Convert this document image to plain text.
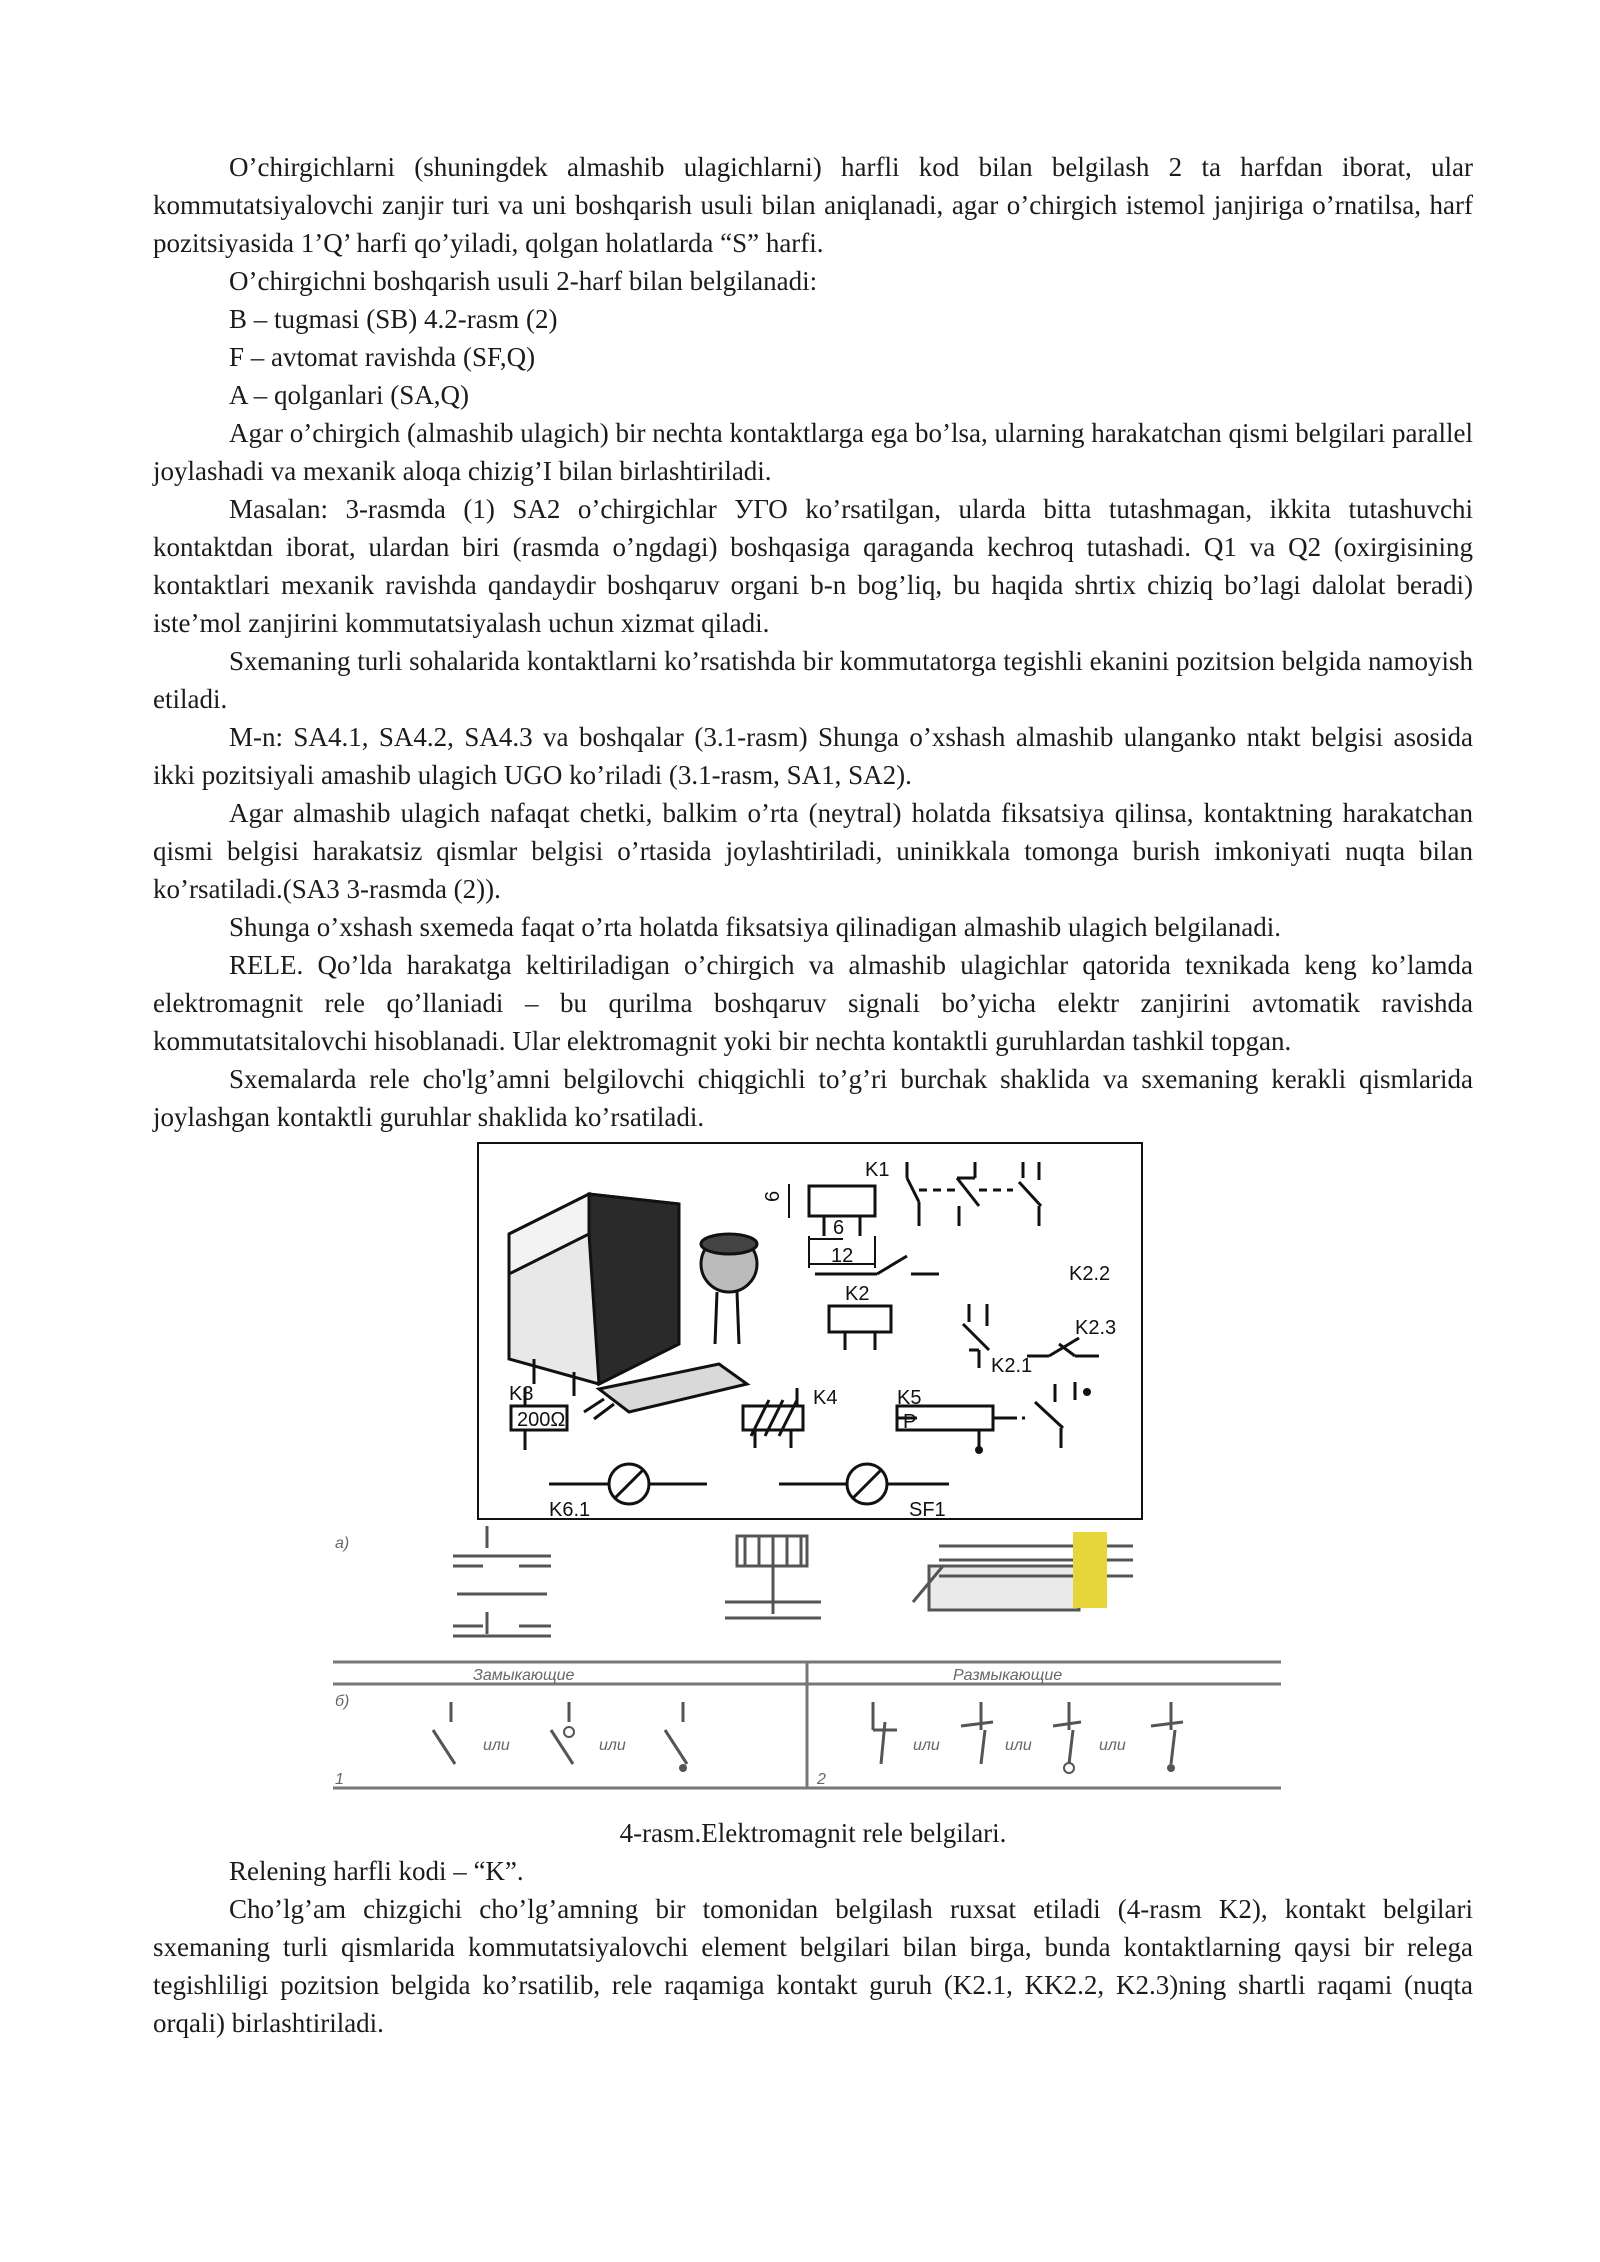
O’chirgichlarni (shuningdek almashib ulagichlarni) harfli kod bilan belgilash 2 ta harfdan iborat, ular kommutatsiyalovchi zanjir turi va uni boshqarish usuli bilan aniqlanadi, agar o’chirgich istemol janjiriga o’rnatilsa, harf pozitsiyasida 1’Q’ harfi qo’yiladi, qolgan holatlarda “S” harfi.

O’chirgichni boshqarish usuli 2-harf bilan belgilanadi:

B – tugmasi (SB) 4.2-rasm (2)

F – avtomat ravishda (SF,Q)

A – qolganlari (SA,Q)

Agar o’chirgich (almashib ulagich) bir nechta kontaktlarga ega bo’lsa, ularning harakatchan qismi belgilari parallel joylashadi va mexanik aloqa chizig’I bilan birlashtiriladi.

Masalan: 3-rasmda (1) SA2 o’chirgichlar УГО ko’rsatilgan, ularda bitta tutashmagan, ikkita tutashuvchi kontaktdan iborat, ulardan biri (rasmda o’ngdagi) boshqasiga qaraganda kechroq tutashadi. Q1 va Q2 (oxirgisining kontaktlari mexanik ravishda qandaydir boshqaruv organi b-n bog’liq, bu haqida shrtix chiziq bo’lagi dalolat beradi) iste’mol zanjirini kommutatsiyalash uchun xizmat qiladi.

Sxemaning turli sohalarida kontaktlarni ko’rsatishda bir kommutatorga tegishli ekanini pozitsion belgida namoyish etiladi.

M-n: SA4.1, SA4.2, SA4.3 va boshqalar (3.1-rasm) Shunga o’xshash almashib ulanganko ntakt belgisi asosida ikki pozitsiyali amashib ulagich UGO ko’riladi (3.1-rasm, SA1, SA2).

Agar almashib ulagich nafaqat chetki, balkim o’rta (neytral) holatda fiksatsiya qilinsa, kontaktning harakatchan qismi belgisi harakatsiz qismlar belgisi o’rtasida joylashtiriladi, uninikkala tomonga burish imkoniyati nuqta bilan ko’rsatiladi.(SA3 3-rasmda (2)).

Shunga o’xshash sxemeda faqat o’rta holatda fiksatsiya qilinadigan almashib ulagich belgilanadi.

RELE. Qo’lda harakatga keltiriladigan o’chirgich va almashib ulagichlar qatorida texnikada keng ko’lamda elektromagnit rele qo’llaniadi – bu qurilma boshqaruv signali bo’yicha elektr zanjirini avtomatik ravishda kommutatsitalovchi hisoblanadi. Ular elektromagnit yoki bir nechta kontaktli guruhlardan tashkil topgan.

Sxemalarda rele cho'lg’amni belgilovchi chiqgichli to’g’ri burchak shaklida va sxemaning kerakli qismlarida joylashgan kontaktli guruhlar shaklida ko’rsatiladi.

K1
6
6
12
K2
K2.2
K2.3
K2.1
K3
200Ω
K4	K5
P
K6.1	SF1
а)
б)
1	2
Замыкающие	Размыкающие
или	или	или	или	или

4-rasm.Elektromagnit rele belgilari.

Relening harfli kodi – “K”.

Cho’lg’am chizgichi cho’lg’amning bir tomonidan belgilash ruxsat etiladi (4-rasm K2), kontakt belgilari sxemaning turli qismlarida kommutatsiyalovchi element belgilari bilan birga, bunda kontaktlarning qaysi bir relega tegishliligi pozitsion belgida ko’rsatilib, rele raqamiga kontakt guruh (K2.1, KK2.2, K2.3)ning shartli raqami (nuqta orqali) birlashtiriladi.
